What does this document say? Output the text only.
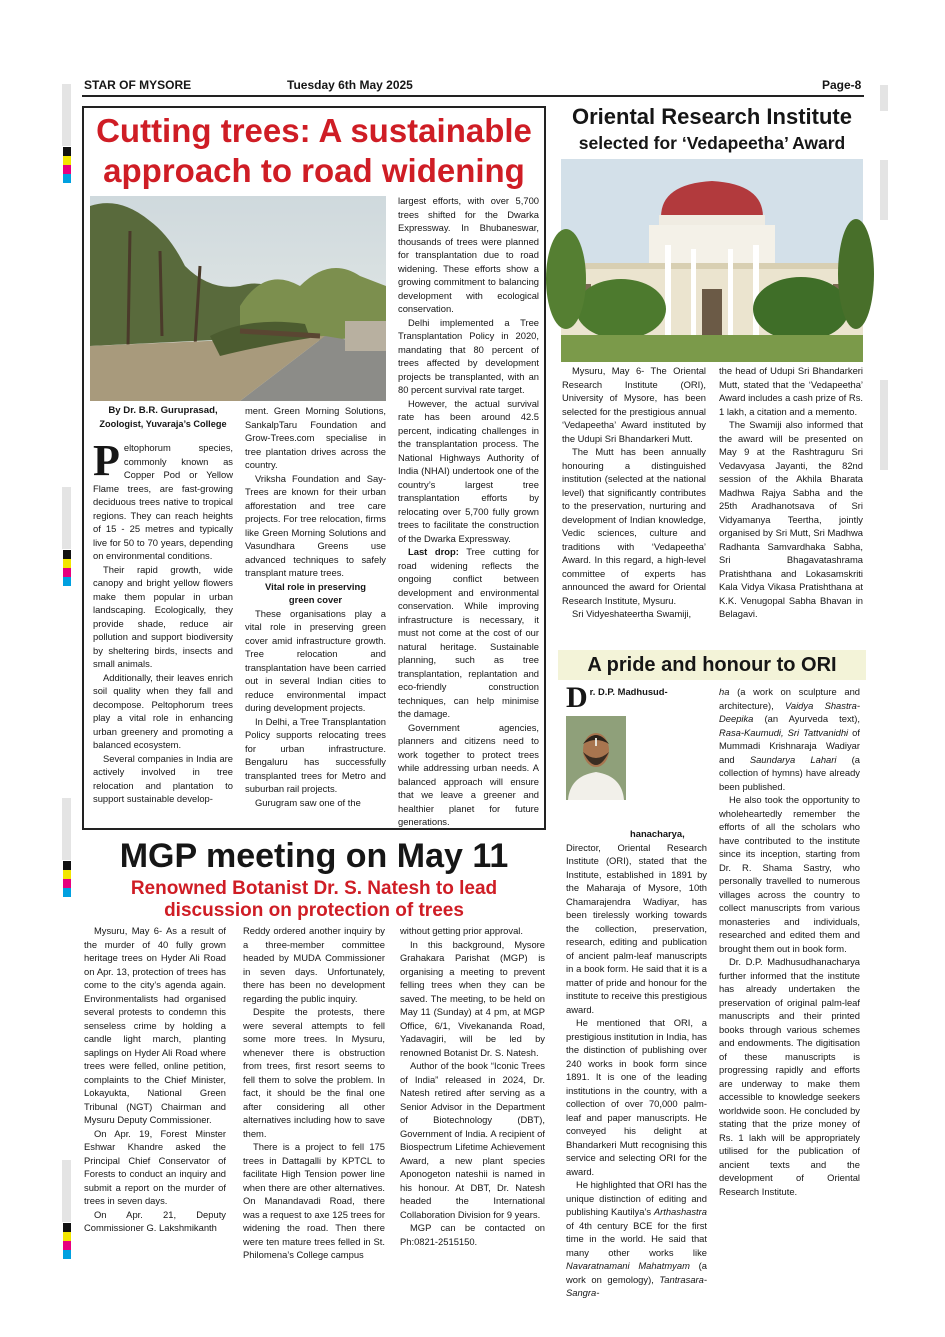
STAR OF MYSORE	Tuesday 6th May 2025	Page-8
Cutting trees: A sustainable
approach to road widening
By Dr. B.R. Guruprasad,
Zoologist, Yuvaraja’s College

Peltophorum species, commonly known as Copper Pod or Yellow Flame trees, are fast-growing deciduous trees native to tropical regions. They can reach heights of 15 - 25 metres and typically live for 50 to 70 years, depending on environmental conditions.

Their rapid growth, wide canopy and bright yellow flowers make them popular in urban landscaping. Ecologically, they provide shade, reduce air pollution and support biodiversity by sheltering birds, insects and small animals.

Additionally, their leaves enrich soil quality when they fall and decompose. Peltophorum trees play a vital role in enhancing urban greenery and promoting a balanced ecosystem.

Several companies in India are actively involved in tree relocation and plantation to support sustainable develop-

ment. Green Morning Solutions, SankalpTaru Foundation and Grow-Trees.com specialise in tree plantation drives across the country.

Vriksha Foundation and Say-Trees are known for their urban afforestation and tree care projects. For tree relocation, firms like Green Morning Solutions and Vasundhara Greens use advanced techniques to safely transplant mature trees.

Vital role in preserving green cover

These organisations play a vital role in preserving green cover amid infrastructure growth. Tree relocation and transplantation have been carried out in several Indian cities to reduce environmental impact during development projects.

In Delhi, a Tree Transplantation Policy supports relocating trees for urban infrastructure. Bengaluru has successfully transplanted trees for Metro and suburban rail projects.

Gurugram saw one of the

largest efforts, with over 5,700 trees shifted for the Dwarka Expressway. In Bhubaneswar, thousands of trees were planned for transplantation due to road widening. These efforts show a growing commitment to balancing development with ecological conservation.

Delhi implemented a Tree Transplantation Policy in 2020, mandating that 80 percent of trees affected by development projects be transplanted, with an 80 percent survival rate target.

However, the actual survival rate has been around 42.5 percent, indicating challenges in the transplantation process. The National Highways Authority of India (NHAI) undertook one of the country’s largest tree transplantation efforts by relocating over 5,700 fully grown trees to facilitate the construction of the Dwarka Expressway.

Last drop: Tree cutting for road widening reflects the ongoing conflict between development and environmental conservation. While improving infrastructure is necessary, it must not come at the cost of our natural heritage. Sustainable planning, such as tree transplantation, replantation and eco-friendly construction techniques, can help minimise the damage.

Government agencies, planners and citizens need to work together to protect trees while addressing urban needs. A balanced approach will ensure that we leave a greener and healthier planet for future generations.

MGP meeting on May 11
Renowned Botanist Dr. S. Natesh to lead
discussion on protection of trees

Mysuru, May 6- As a result of the murder of 40 fully grown heritage trees on Hyder Ali Road on Apr. 13, protection of trees has come to the city’s agenda again. Environmentalists had organised several protests to condemn this senseless crime by holding a candle light march, planting saplings on Hyder Ali Road where trees were felled, online petition, complaints to the Chief Minister, Lokayukta, National Green Tribunal (NGT) Chairman and Mysuru Deputy Commissioner.

On Apr. 19, Forest Minster Eshwar Khandre asked the Principal Chief Conservator of Forests to conduct an inquiry and submit a report on the murder of trees in seven days.

On Apr. 21, Deputy Commissioner G. Lakshmikanth

Reddy ordered another inquiry by a three-member committee headed by MUDA Commissioner in seven days. Unfortunately, there has been no development regarding the public inquiry.

Despite the protests, there were several attempts to fell some more trees. In Mysuru, whenever there is obstruction from trees, first resort seems to fell them to solve the problem. In fact, it should be the final one after considering all other alternatives including how to save them.

There is a project to fell 175 trees in Dattagalli by KPTCL to facilitate High Tension power line when there are other alternatives. On Manandavadi Road, there was a request to axe 125 trees for widening the road. Then there were ten mature trees felled in St. Philomena’s College campus

without getting prior approval.

In this background, Mysore Grahakara Parishat (MGP) is organising a meeting to prevent felling trees when they can be saved. The meeting, to be held on May 11 (Sunday) at 4 pm, at MGP Office, 6/1, Vivekananda Road, Yadavagiri, will be led by renowned Botanist Dr. S. Natesh.

Author of the book “Iconic Trees of India” released in 2024, Dr. Natesh retired after serving as a Senior Advisor in the Department of Biotechnology (DBT), Government of India. A recipient of Biospectrum Lifetime Achievement Award, a new plant species Aponogeton nateshii is named in his honour. At DBT, Dr. Natesh headed the International Collaboration Division for 9 years.

MGP can be contacted on Ph:0821-2515150.

Oriental Research Institute
selected for ‘Vedapeetha’ Award

Mysuru, May 6- The Oriental Research Institute (ORI), University of Mysore, has been selected for the prestigious annual ‘Vedapeetha’ Award instituted by the Udupi Sri Bhandarkeri Mutt.

The Mutt has been annually honouring a distinguished institution (selected at the national level) that significantly contributes to the preservation, nurturing and development of Indian knowledge, Vedic sciences, culture and traditions with ‘Vedapeetha’ Award. In this regard, a high-level committee of experts has announced the award for Oriental Research Institute, Mysuru.

Sri Vidyeshateertha Swamiji,

the head of Udupi Sri Bhandarkeri Mutt, stated that the ‘Vedapeetha’ Award includes a cash prize of Rs. 1 lakh, a citation and a memento.

The Swamiji also informed that the award will be presented on May 9 at the Rashtraguru Sri Vedavyasa Jayanti, the 82nd session of the Akhila Bharata Madhwa Rajya Sabha and the 25th Aradhanotsava of Sri Vidyamanya Teertha, jointly organised by Sri Mutt, Sri Madhwa Radhanta Samvardhaka Sabha, Sri Bhagavatashrama Pratishthana and Lokasamskriti Kala Vidya Vikasa Pratishthana at K.K. Venugopal Sabha Bhavan in Belagavi.

A pride and honour to ORI

Dr. D.P. Madhusud-
hanacharya, Director, Oriental Research Institute (ORI), stated that the Institute, established in 1891 by the Maharaja of Mysore, 10th Chamarajendra Wadiyar, has been tirelessly working towards the collection, preservation, research, editing and publication of ancient palm-leaf manuscripts in a book form. He said that it is a matter of pride and honour for the institute to receive this prestigious award.

He mentioned that ORI, a prestigious institution in India, has the distinction of publishing over 240 works in book form since 1891. It is one of the leading institutions in the country, with a collection of over 70,000 palm-leaf and paper manuscripts. He conveyed his delight at Bhandarkeri Mutt recognising this service and selecting ORI for the award.

He highlighted that ORI has the unique distinction of editing and publishing Kautilya’s Arthashastra of 4th century BCE for the first time in the world. He said that many other works like Navaratnamani Mahatmyam (a work on gemology), Tantrasara-Sangra-

ha (a work on sculpture and architecture), Vaidya Shastra-Deepika (an Ayurveda text), Rasa-Kaumudi, Sri Tattvanidhi of Mummadi Krishnaraja Wadiyar and Saundarya Lahari (a collection of hymns) have already been published.

He also took the opportunity to wholeheartedly remember the efforts of all the scholars who have contributed to the institute since its inception, starting from Dr. R. Shama Sastry, who personally travelled to numerous villages across the country to collect manuscripts from various monasteries and individuals, researched and edited them and brought them out in book form.

Dr. D.P. Madhusudhanacharya further informed that the institute has already undertaken the preservation of original palm-leaf manuscripts and their printed books through various schemes and endowments. The digitisation of these manuscripts is progressing rapidly and efforts are underway to make them accessible to knowledge seekers worldwide soon. He concluded by stating that the prize money of Rs. 1 lakh will be appropriately utilised for the publication of ancient texts and the development of Oriental Research Institute.
